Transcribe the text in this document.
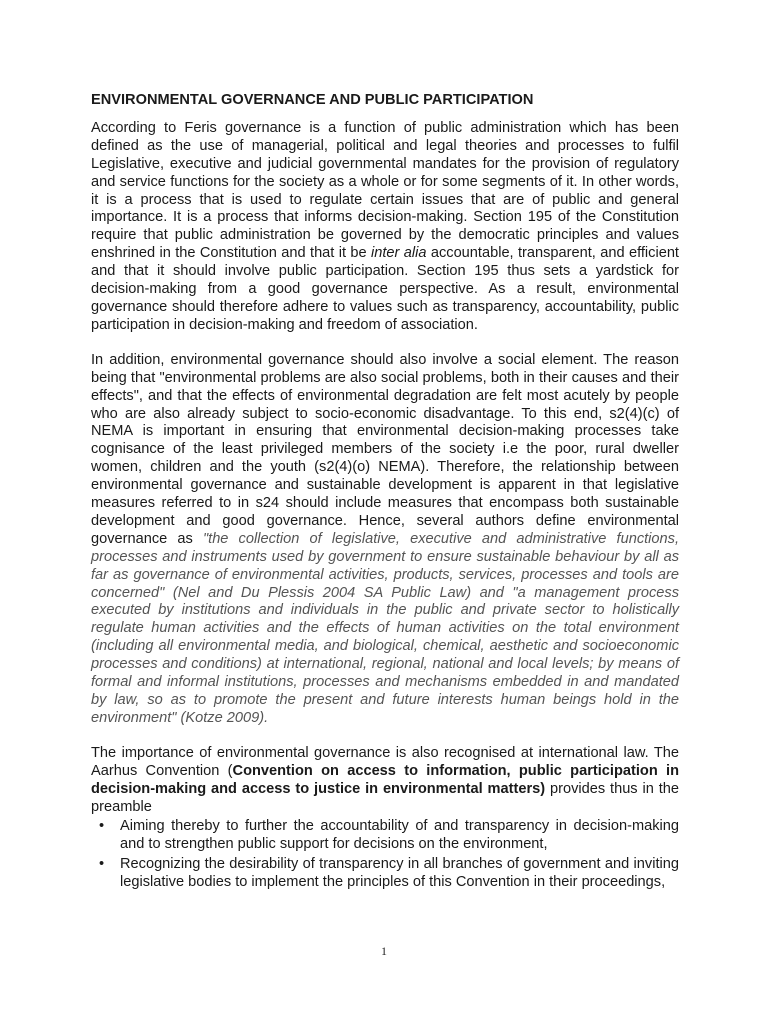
ENVIRONMENTAL GOVERNANCE AND PUBLIC PARTICIPATION

According to Feris governance is a function of public administration which has been defined as the use of managerial, political and legal theories and processes to fulfil Legislative, executive and judicial governmental mandates for the provision of regulatory and service functions for the society as a whole or for some segments of it. In other words, it is a process that is used to regulate certain issues that are of public and general importance. It is a process that informs decision-making. Section 195 of the Constitution require that public administration be governed by the democratic principles and values enshrined in the Constitution and that it be inter alia accountable, transparent, and efficient and that it should involve public participation. Section 195 thus sets a yardstick for decision-making from a good governance perspective. As a result, environmental governance should therefore adhere to values such as transparency, accountability, public participation in decision-making and freedom of association.

In addition, environmental governance should also involve a social element. The reason being that "environmental problems are also social problems, both in their causes and their effects", and that the effects of environmental degradation are felt most acutely by people who are also already subject to socio-economic disadvantage. To this end, s2(4)(c) of NEMA is important in ensuring that environmental decision-making processes take cognisance of the least privileged members of the society i.e the poor, rural dweller women, children and the youth (s2(4)(o) NEMA). Therefore, the relationship between environmental governance and sustainable development is apparent in that legislative measures referred to in s24 should include measures that encompass both sustainable development and good governance. Hence, several authors define environmental governance as "the collection of legislative, executive and administrative functions, processes and instruments used by government to ensure sustainable behaviour by all as far as governance of environmental activities, products, services, processes and tools are concerned" (Nel and Du Plessis 2004 SA Public Law) and "a management process executed by institutions and individuals in the public and private sector to holistically regulate human activities and the effects of human activities on the total environment (including all environmental media, and biological, chemical, aesthetic and socioeconomic processes and conditions) at international, regional, national and local levels; by means of formal and informal institutions, processes and mechanisms embedded in and mandated by law, so as to promote the present and future interests human beings hold in the environment" (Kotze 2009).

The importance of environmental governance is also recognised at international law. The Aarhus Convention (Convention on access to information, public participation in decision-making and access to justice in environmental matters) provides thus in the preamble

• Aiming thereby to further the accountability of and transparency in decision-making and to strengthen public support for decisions on the environment,
• Recognizing the desirability of transparency in all branches of government and inviting legislative bodies to implement the principles of this Convention in their proceedings,
1
